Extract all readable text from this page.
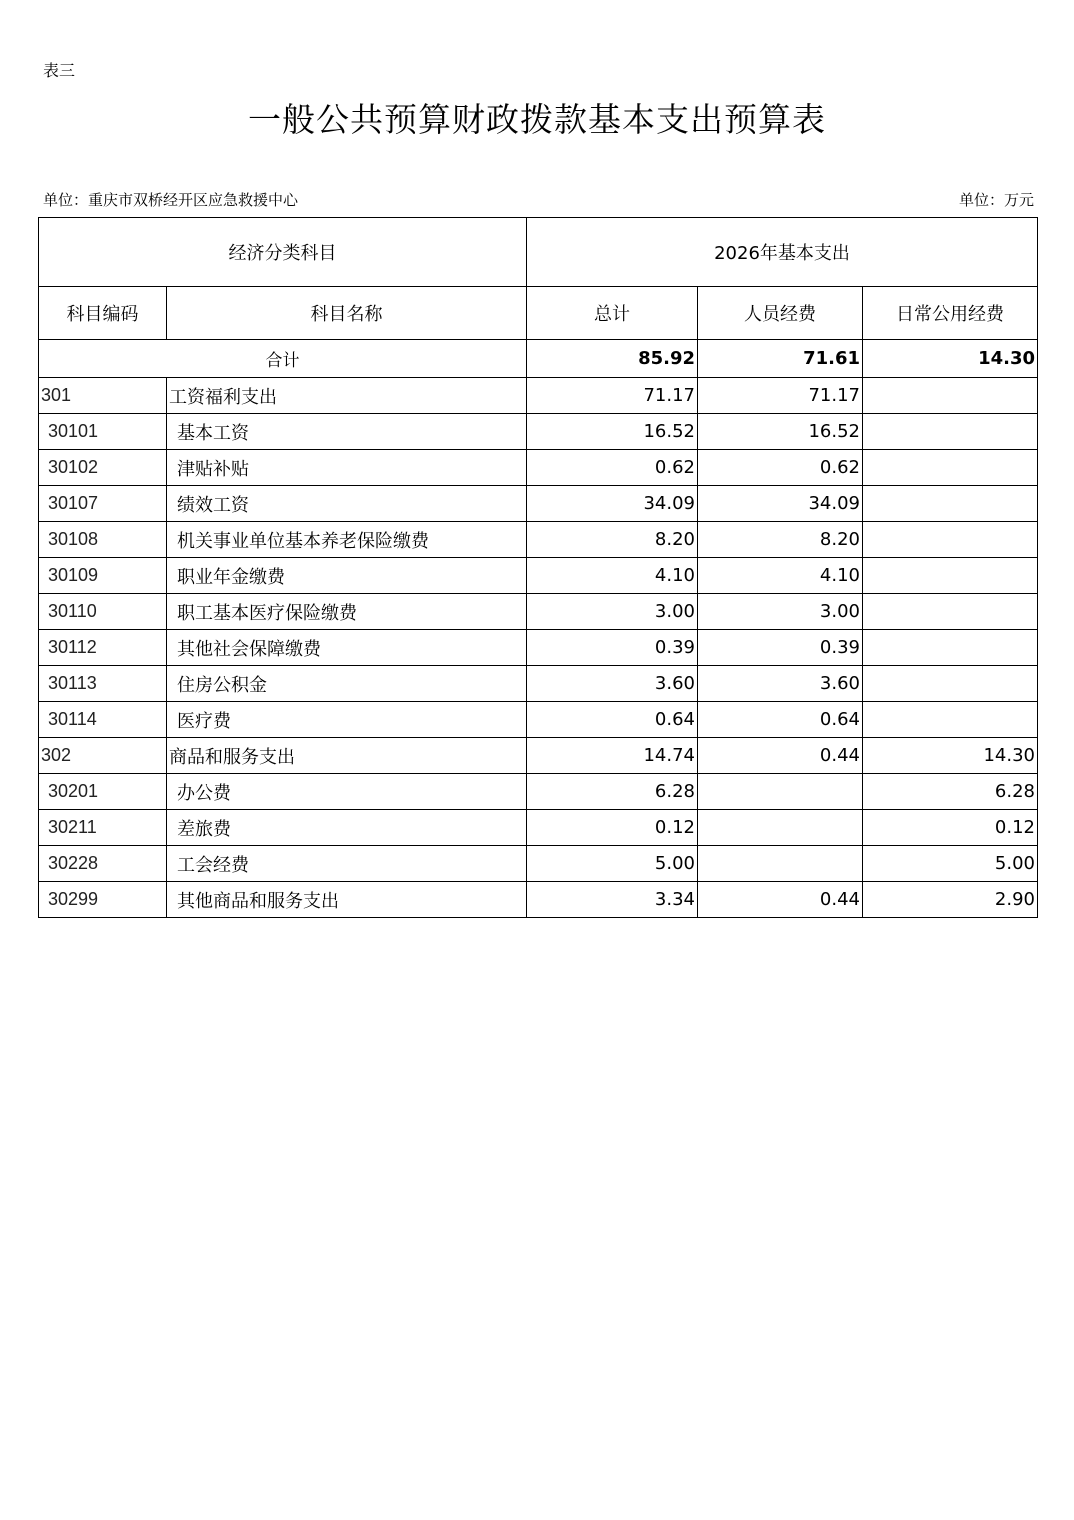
表三
一般公共预算财政拨款基本支出预算表
单位：重庆市双桥经开区应急救援中心	单位：万元
经济分类科目		2026年基本支出		
科目编码	科目名称	总计	人员经费	日常公用经费
合计		85.92	71.61	14.30
301	工资福利支出	71.17	71.17	
30101	基本工资	16.52	16.52	
30102	津贴补贴	0.62	0.62	
30107	绩效工资	34.09	34.09	
30108	机关事业单位基本养老保险缴费	8.20	8.20	
30109	职业年金缴费	4.10	4.10	
30110	职工基本医疗保险缴费	3.00	3.00	
30112	其他社会保障缴费	0.39	0.39	
30113	住房公积金	3.60	3.60	
30114	医疗费	0.64	0.64	
302	商品和服务支出	14.74	0.44	14.30
30201	办公费	6.28		6.28
30211	差旅费	0.12		0.12
30228	工会经费	5.00		5.00
30299	其他商品和服务支出	3.34	0.44	2.90
